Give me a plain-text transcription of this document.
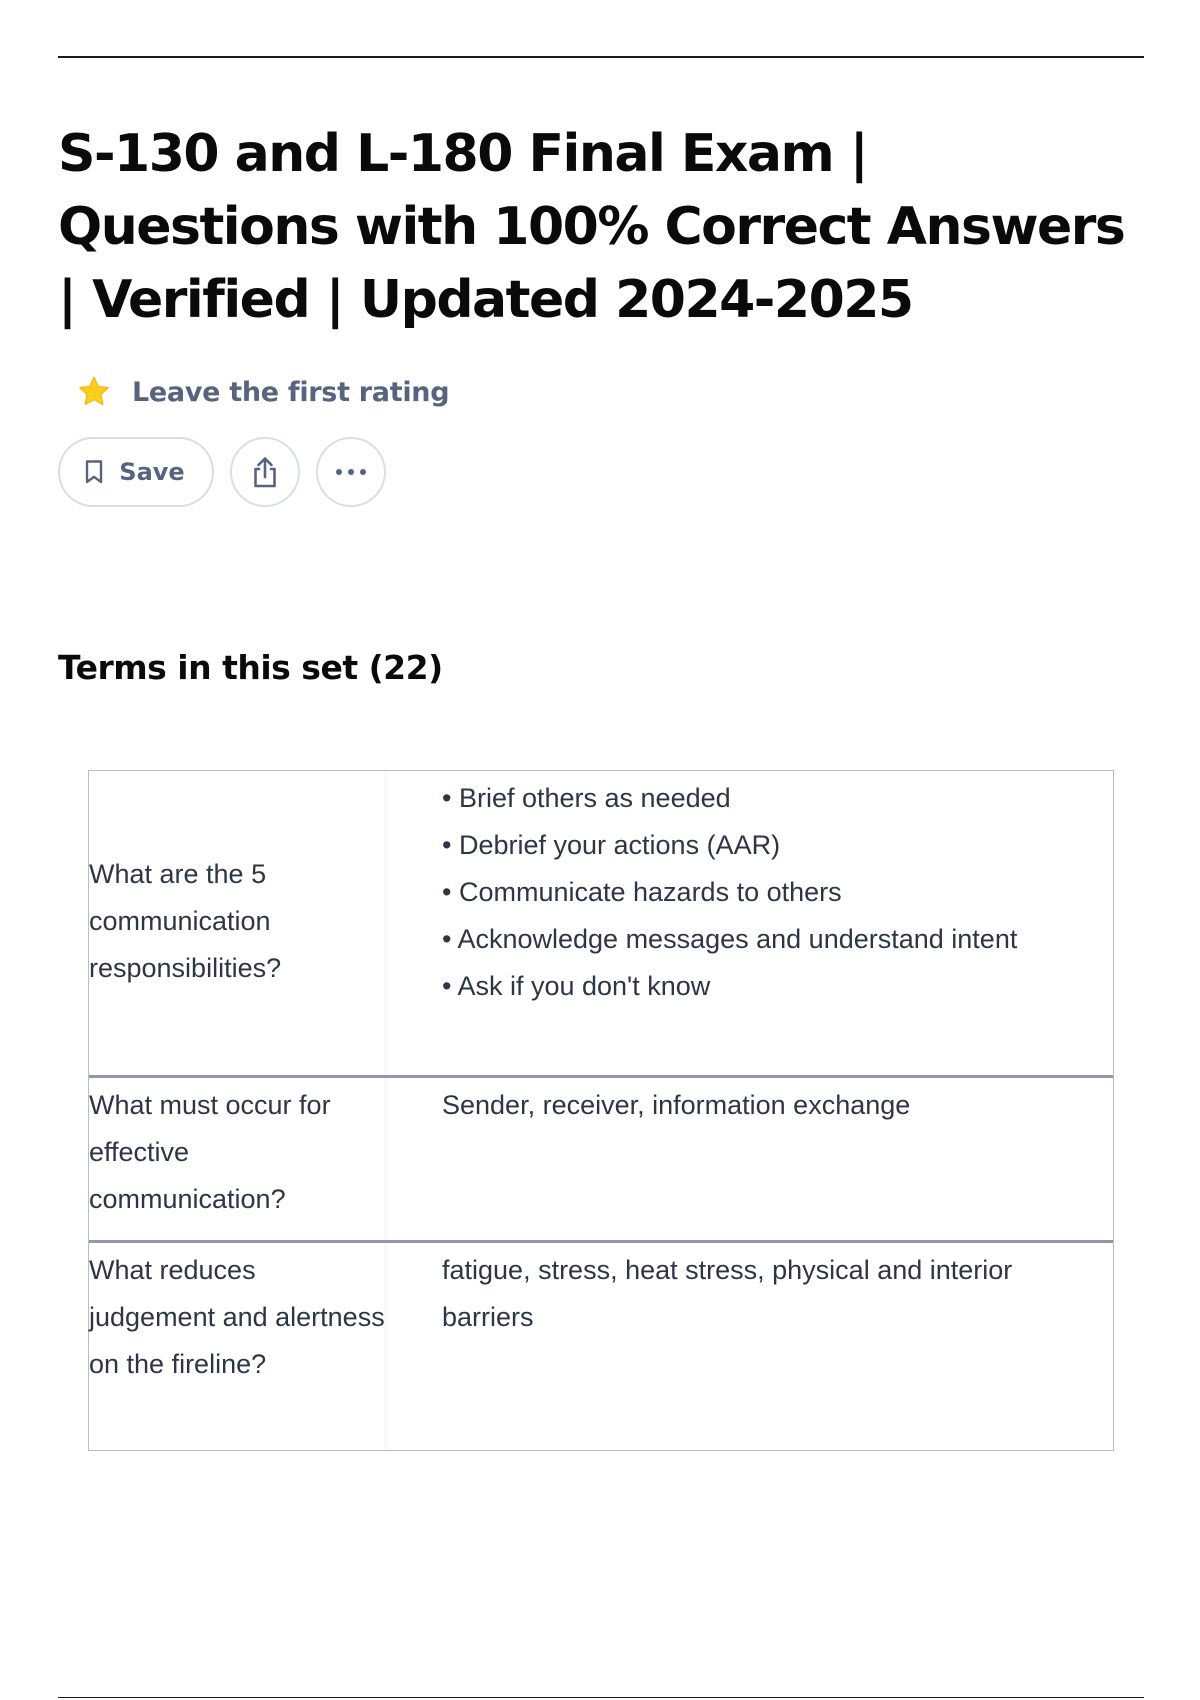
S-130 and L-180 Final Exam | Questions with 100% Correct Answers | Verified | Updated 2024-2025
Leave the first rating
Save
Terms in this set (22)
What are the 5 communication responsibilities?
• Brief others as needed
• Debrief your actions (AAR)
• Communicate hazards to others
• Acknowledge messages and understand intent
• Ask if you don't know
What must occur for effective communication?
Sender, receiver, information exchange
What reduces judgement and alertness on the fireline?
fatigue, stress, heat stress, physical and interior barriers
